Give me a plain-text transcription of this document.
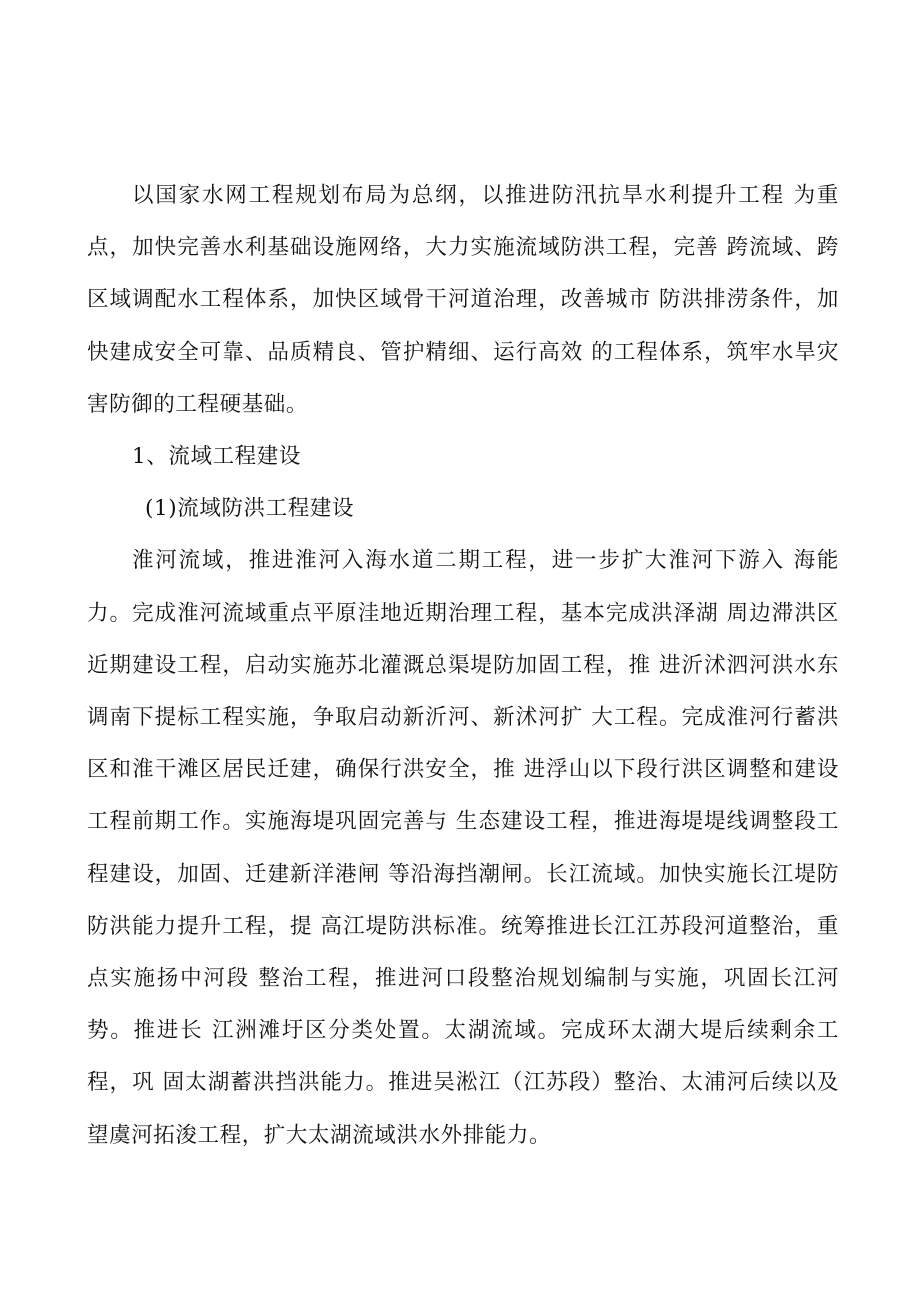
以国家水网工程规划布局为总纲，以推进防汛抗旱水利提升工程 为重点，加快完善水利基础设施网络，大力实施流域防洪工程，完善 跨流域、跨区域调配水工程体系，加快区域骨干河道治理，改善城市 防洪排涝条件，加快建成安全可靠、品质精良、管护精细、运行高效 的工程体系，筑牢水旱灾害防御的工程硬基础。

1、流域工程建设

(1)流域防洪工程建设

淮河流域，推进淮河入海水道二期工程，进一步扩大淮河下游入 海能力。完成淮河流域重点平原洼地近期治理工程，基本完成洪泽湖 周边滞洪区近期建设工程，启动实施苏北灌溉总渠堤防加固工程，推 进沂沭泗河洪水东调南下提标工程实施，争取启动新沂河、新沭河扩 大工程。完成淮河行蓄洪区和淮干滩区居民迁建，确保行洪安全，推 进浮山以下段行洪区调整和建设工程前期工作。实施海堤巩固完善与 生态建设工程，推进海堤堤线调整段工程建设，加固、迁建新洋港闸 等沿海挡潮闸。长江流域。加快实施长江堤防防洪能力提升工程，提 高江堤防洪标准。统筹推进长江江苏段河道整治，重点实施扬中河段 整治工程，推进河口段整治规划编制与实施，巩固长江河势。推进长 江洲滩圩区分类处置。太湖流域。完成环太湖大堤后续剩余工程，巩 固太湖蓄洪挡洪能力。推进吴淞江（江苏段）整治、太浦河后续以及 望虞河拓浚工程，扩大太湖流域洪水外排能力。
